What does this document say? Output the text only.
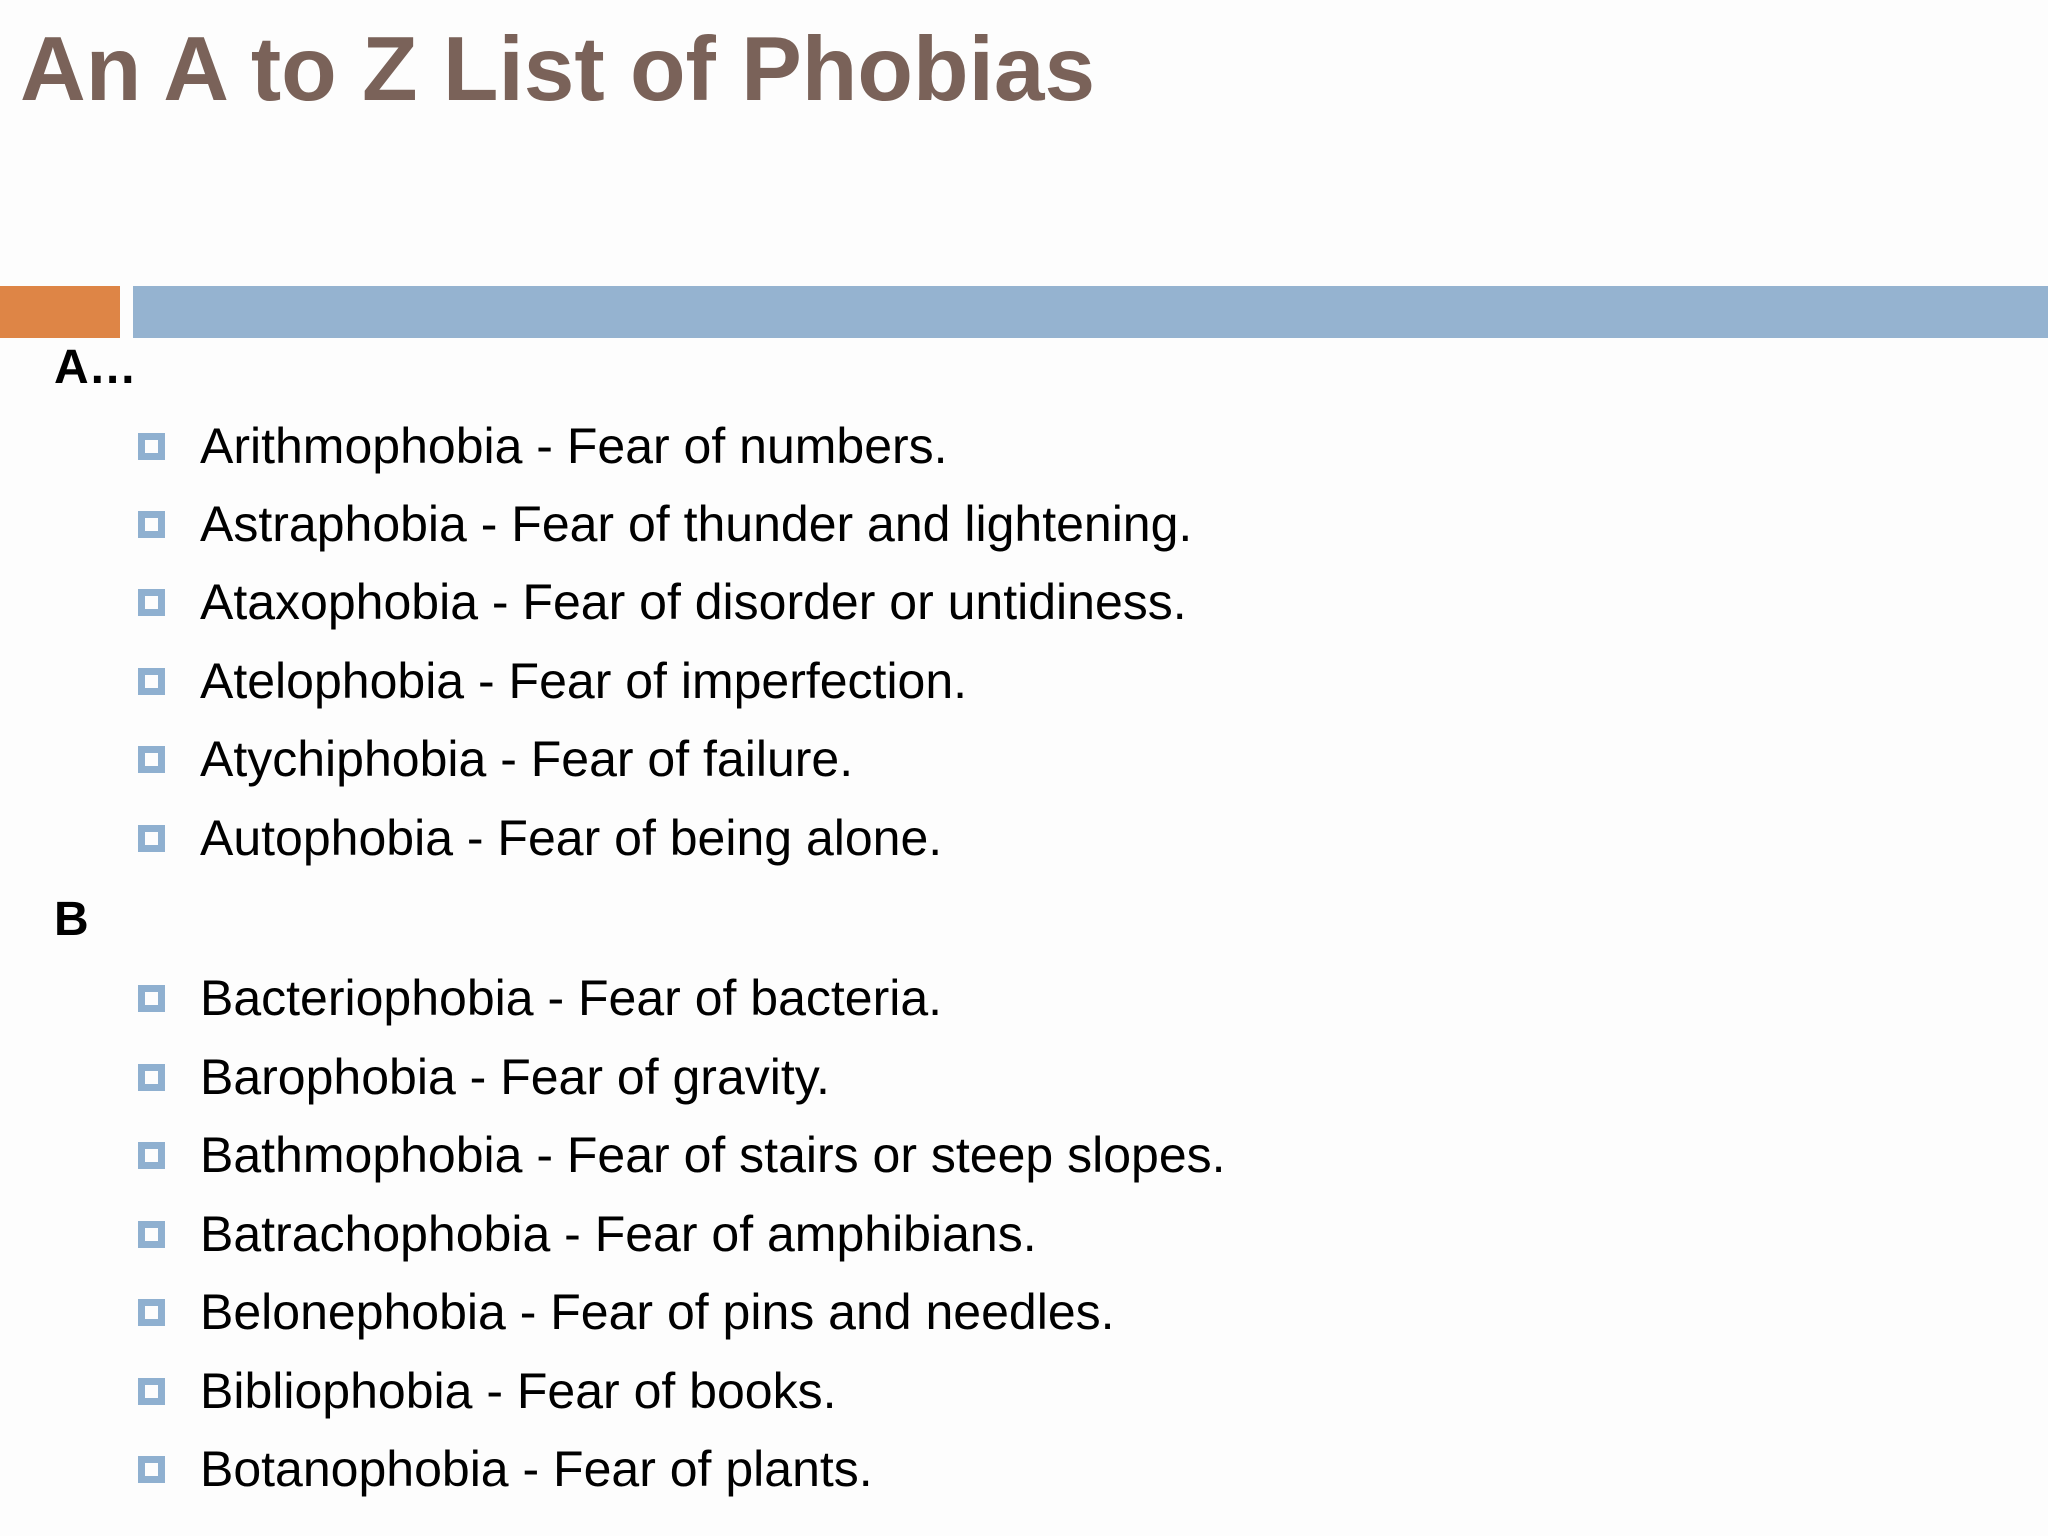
An A to Z List of Phobias
A…
Arithmophobia - Fear of numbers.
Astraphobia - Fear of thunder and lightening.
Ataxophobia - Fear of disorder or untidiness.
Atelophobia - Fear of imperfection.
Atychiphobia - Fear of failure.
Autophobia - Fear of being alone.
B
Bacteriophobia - Fear of bacteria.
Barophobia - Fear of gravity.
Bathmophobia - Fear of stairs or steep slopes.
Batrachophobia - Fear of amphibians.
Belonephobia - Fear of pins and needles.
Bibliophobia - Fear of books.
Botanophobia - Fear of plants.
